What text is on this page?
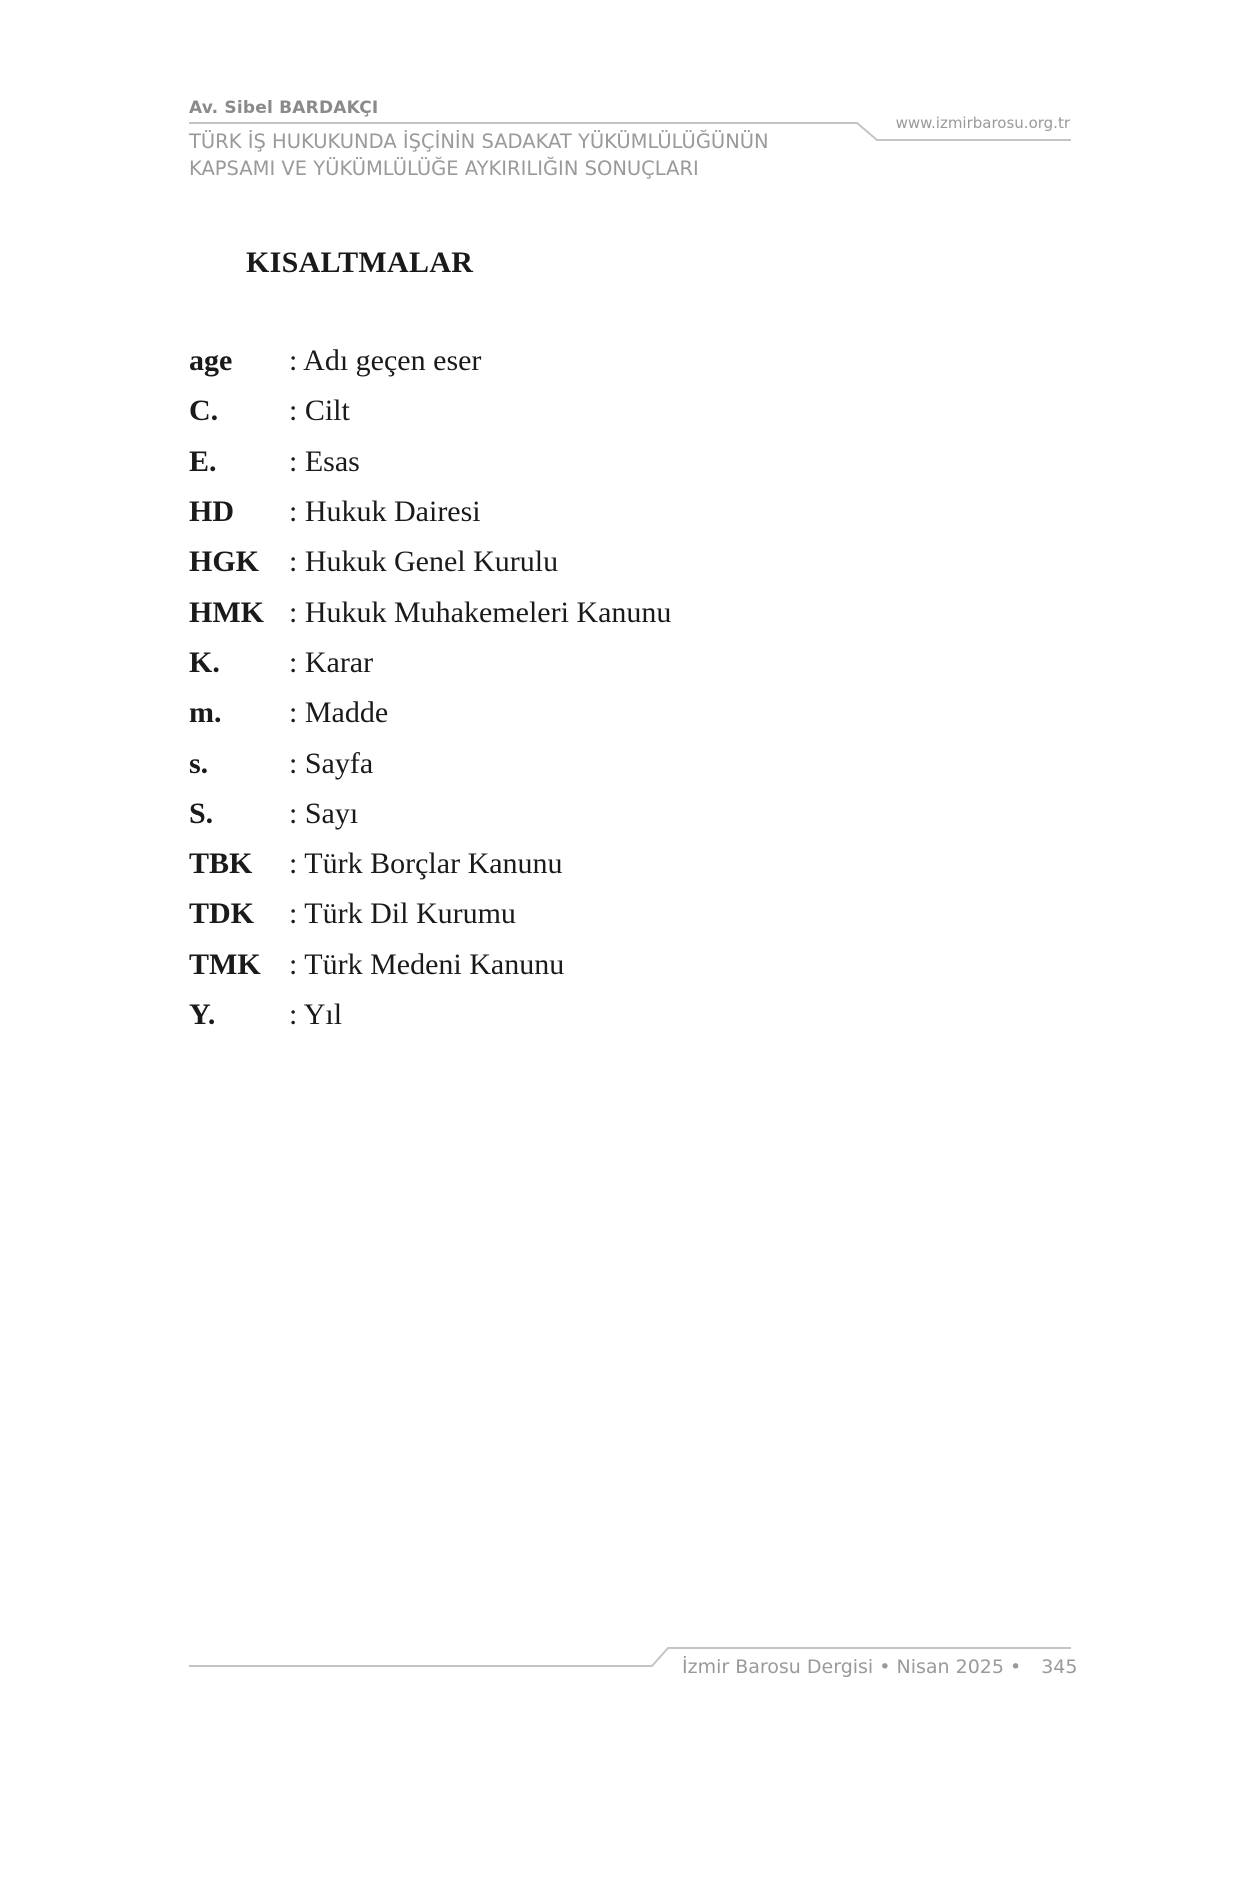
Av. Sibel BARDAKÇI
TÜRK İŞ HUKUKUNDA İŞÇİNİN SADAKAT YÜKÜMLÜLÜĞÜNÜN
KAPSAMI VE YÜKÜMLÜLÜĞE AYKIRILIĞIN SONUÇLARI
www.izmirbarosu.org.tr
KISALTMALAR
age	: Adı geçen eser
C.	: Cilt
E.	: Esas
HD	: Hukuk Dairesi
HGK : Hukuk Genel Kurulu
HMK : Hukuk Muhakemeleri Kanunu
K.	: Karar
m.	: Madde
s.	: Sayfa
S.	: Sayı
TBK	: Türk Borçlar Kanunu
TDK	: Türk Dil Kurumu
TMK : Türk Medeni Kanunu
Y.	: Yıl
İzmir Barosu Dergisi • Nisan 2025 • 345
